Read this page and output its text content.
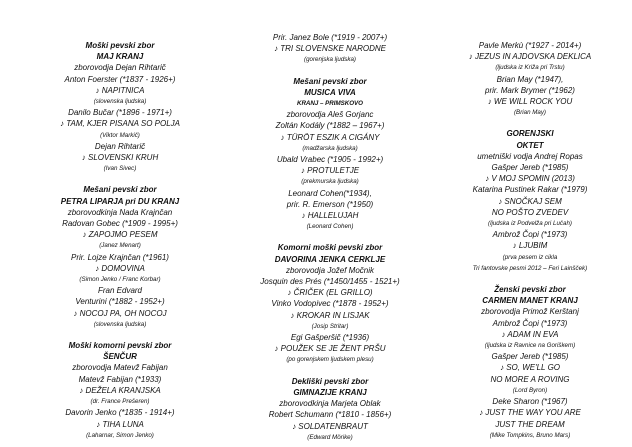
Moški pevski zbor
MAJ KRANJ
zborovodja Dejan Rihtarič
Anton Foerster (*1837 - 1926+)
♪ NAPITNICA
(slovenska ljudska)
Danilo Bučar (*1896 - 1971+)
♪ TAM, KJER PISANA SO POLJA
(Viktor Markič)
Dejan Rihtarič
♪ SLOVENSKI KRUH
(Ivan Sivec)
Mešani pevski zbor
PETRA LIPARJA pri DU KRANJ
zborovodkinja Nada Krajnčan
Radovan Gobec (*1909 - 1995+)
♪ ZAPOJMO PESEM
(Janez Menart)
Prir. Lojze Krajnčan (*1961)
♪ DOMOVINA
(Simon Jenko / Franc Korbar)
Fran Edvard
Venturini (*1882 - 1952+)
♪ NOCOJ PA, OH NOCOJ
(slovenska ljudska)
Moški komorni pevski zbor
ŠENČUR
zborovodja Matevž Fabijan
Matevž Fabijan (*1933)
♪ DEŽELA KRANJSKA
(dr. France Prešeren)
Davorin Jenko (*1835 - 1914+)
♪ TIHA LUNA
(Laharnar, Simon Jenko)
Prir. Janez Bole (*1919 - 2007+)
♪ TRI SLOVENSKE NARODNE
(gorenjska ljudska)
Mešani pevski zbor
MUSICA VIVA
KRANJ – PRIMSKOVO
zborovodja Aleš Gorjanc
Zoltán Kodály (*1882 – 1967+)
♪ TÜRÖT ESZIK A CIGÁNY
(madžarska ljudska)
Ubald Vrabec (*1905 - 1992+)
♪ PROTULETJE
(prekmurska ljudska)
Leonard Cohen(*1934),
prir. R. Emerson (*1950)
♪ HALLELUJAH
(Leonard Cohen)
Komorni moški pevski zbor
DAVORINA JENKA CERKLJE
zborovodja Jožef Močnik
Josquin des Prés (*1450/1455 - 1521+)
♪ ČRIČEK (EL GRILLO)
Vinko Vodopivec (*1878 - 1952+)
♪ KROKAR IN LISJAK
(Josip Stritar)
Egi Gašperšič (*1936)
♪ POUŽEK SE JE ŽENT PRŠU
(po gorenjskem ljudskem plesu)
Dekliški pevski zbor
GIMNAZIJE KRANJ
zborovodkinja Marjeta Oblak
Robert Schumann (*1810 - 1856+)
♪ SOLDATENBRAUT
(Edward Mörike)
Pavle Merkù (*1927 - 2014+)
♪ JEZUS IN AJDOVSKA DEKLICA
(ljudska iz Križa pri Trstu)
Brian May (*1947),
prir. Mark Brymer (*1962)
♪ WE WILL ROCK YOU
(Brian May)
GORENJSKI
OKTET
umetniški vodja Andrej Ropas
Gašper Jereb (*1985)
♪ V MOJ SPOMIN (2013)
Katarina Pustinek Rakar (*1979)
♪ SNOČKAJ SEM
NO POŠTO ZVEDEV
(ljudska iz Podvelža pri Lučah)
Ambrož Čopi (*1973)
♪ LJUBIM
(prva pesem iz cikla
Tri fantovske pesmi 2012 – Feri Lainšček)
Ženski pevski zbor
CARMEN MANET KRANJ
zborovodja Primož Kerštanj
Ambrož Čopi (*1973)
♪ ADAM IN EVA
(ljudska iz Ravnice na Goriškem)
Gašper Jereb (*1985)
♪ SO, WE'LL GO
NO MORE A ROVING
(Lord Byron)
Deke Sharon (*1967)
♪ JUST THE WAY YOU ARE
JUST THE DREAM
(Mike Tompkins, Bruno Mars)
